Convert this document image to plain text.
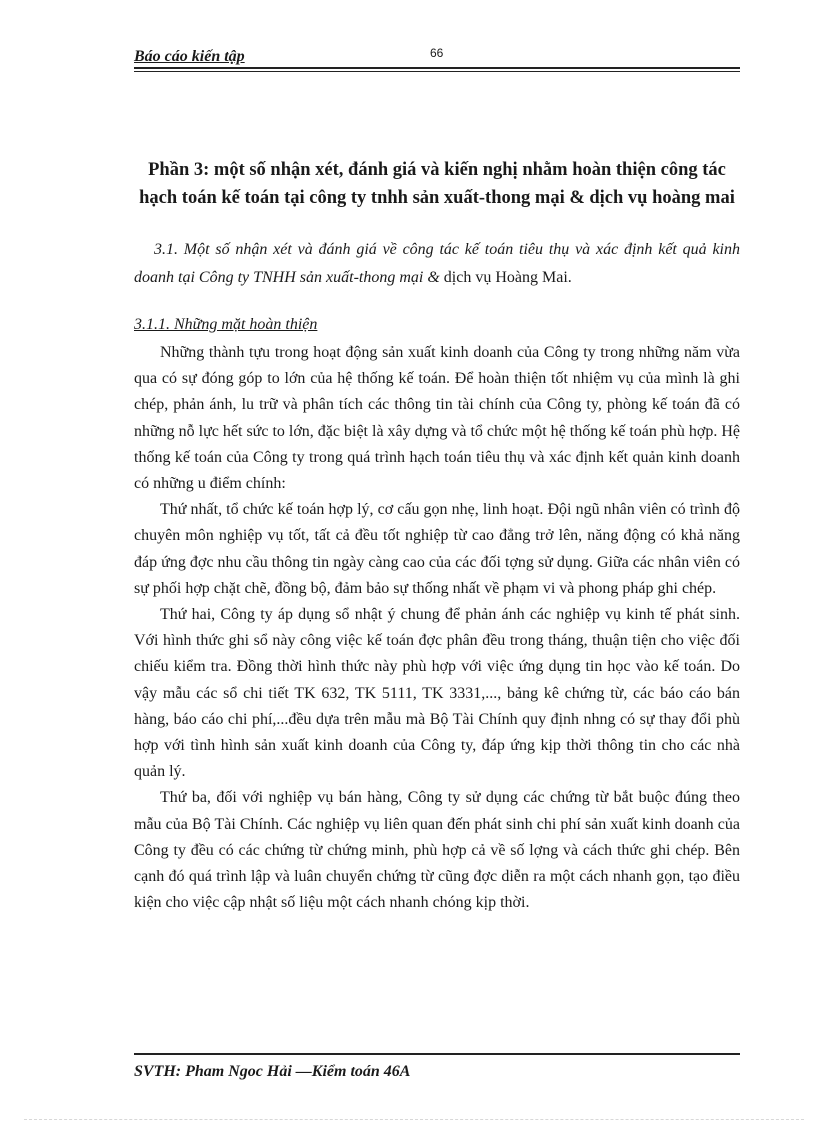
Báo cáo kiến tập	66
Phần 3: một số nhận xét, đánh giá và kiến nghị nhằm hoàn thiện công tác hạch toán kế toán tại công ty tnhh sản xuất-thong mại & dịch vụ hoàng mai
3.1. Một số nhận xét và đánh giá về công tác kế toán tiêu thụ và xác định kết quả kinh doanh tại Công ty TNHH sản xuất-thong mại & dịch vụ Hoàng Mai.
3.1.1. Những mặt hoàn thiện

Những thành tựu trong hoạt động sản xuất kinh doanh của Công ty trong những năm vừa qua có sự đóng góp to lớn của hệ thống kế toán. Để hoàn thiện tốt nhiệm vụ của mình là ghi chép, phản ánh, lu trữ và phân tích các thông tin tài chính của Công ty, phòng kế toán đã có những nỗ lực hết sức to lớn, đặc biệt là xây dựng và tổ chức một hệ thống kế toán phù hợp. Hệ thống kế toán của Công ty trong quá trình hạch toán tiêu thụ và xác định kết quản kinh doanh có những u điểm chính:

Thứ nhất, tổ chức kế toán hợp lý, cơ cấu gọn nhẹ, linh hoạt. Đội ngũ nhân viên có trình độ chuyên môn nghiệp vụ tốt, tất cả đều tốt nghiệp từ cao đẳng trở lên, năng động có khả năng đáp ứng đợc nhu cầu thông tin ngày càng cao của các đối tợng sử dụng. Giữa các nhân viên có sự phối hợp chặt chẽ, đồng bộ, đảm bảo sự thống nhất về phạm vi và phong pháp ghi chép.

Thứ hai, Công ty áp dụng sổ nhật ý chung để phản ánh các nghiệp vụ kinh tế phát sinh. Với hình thức ghi sổ này công việc kế toán đợc phân đều trong tháng, thuận tiện cho việc đối chiếu kiểm tra. Đồng thời hình thức này phù hợp với việc ứng dụng tin học vào kế toán. Do vậy mẫu các sổ chi tiết TK 632, TK 5111, TK 3331,..., bảng kê chứng từ, các báo cáo bán hàng, báo cáo chi phí,...đều dựa trên mẫu mà Bộ Tài Chính quy định nhng có sự thay đổi phù hợp với tình hình sản xuất kinh doanh của Công ty, đáp ứng kịp thời thông tin cho các nhà quản lý.

Thứ ba, đối với nghiệp vụ bán hàng, Công ty sử dụng các chứng từ bắt buộc đúng theo mẫu của Bộ Tài Chính. Các nghiệp vụ liên quan đến phát sinh chi phí sản xuất kinh doanh của Công ty đều có các chứng từ chứng minh, phù hợp cả về số lợng và cách thức ghi chép. Bên cạnh đó quá trình lập và luân chuyển chứng từ cũng đợc diễn ra một cách nhanh gọn, tạo điều kiện cho việc cập nhật số liệu một cách nhanh chóng kịp thời.

SVTH: Pham Ngoc Hải —Kiểm toán 46A
